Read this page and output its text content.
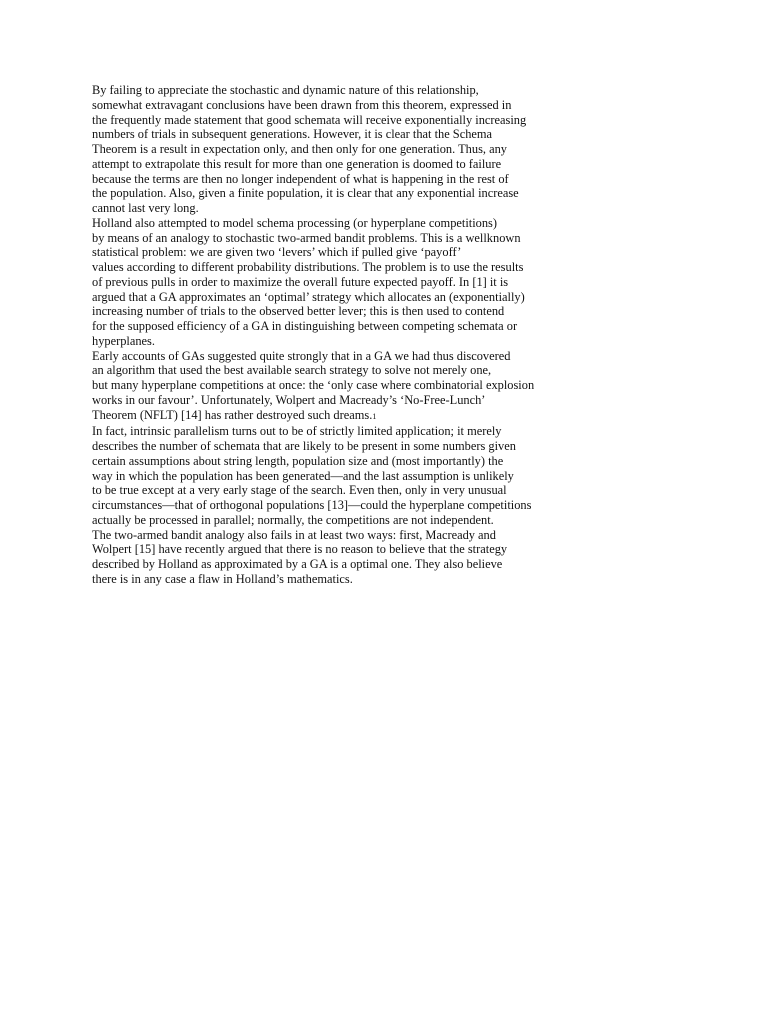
By failing to appreciate the stochastic and dynamic nature of this relationship,
somewhat extravagant conclusions have been drawn from this theorem, expressed in
the frequently made statement that good schemata will receive exponentially increasing
numbers of trials in subsequent generations. However, it is clear that the Schema
Theorem is a result in expectation only, and then only for one generation. Thus, any
attempt to extrapolate this result for more than one generation is doomed to failure
because the terms are then no longer independent of what is happening in the rest of
the population. Also, given a finite population, it is clear that any exponential increase
cannot last very long.
Holland also attempted to model schema processing (or hyperplane competitions)
by means of an analogy to stochastic two-armed bandit problems. This is a wellknown
statistical problem: we are given two ‘levers’ which if pulled give ‘payoff’
values according to different probability distributions. The problem is to use the results
of previous pulls in order to maximize the overall future expected payoff. In [1] it is
argued that a GA approximates an ‘optimal’ strategy which allocates an (exponentially)
increasing number of trials to the observed better lever; this is then used to contend
for the supposed efficiency of a GA in distinguishing between competing schemata or
hyperplanes.
Early accounts of GAs suggested quite strongly that in a GA we had thus discovered
an algorithm that used the best available search strategy to solve not merely one,
but many hyperplane competitions at once: the ‘only case where combinatorial explosion
works in our favour’. Unfortunately, Wolpert and Macready’s ‘No-Free-Lunch’
Theorem (NFLT) [14] has rather destroyed such dreams.1
In fact, intrinsic parallelism turns out to be of strictly limited application; it merely
describes the number of schemata that are likely to be present in some numbers given
certain assumptions about string length, population size and (most importantly) the
way in which the population has been generated—and the last assumption is unlikely
to be true except at a very early stage of the search. Even then, only in very unusual
circumstances—that of orthogonal populations [13]—could the hyperplane competitions
actually be processed in parallel; normally, the competitions are not independent.
The two-armed bandit analogy also fails in at least two ways: first, Macready and
Wolpert [15] have recently argued that there is no reason to believe that the strategy
described by Holland as approximated by a GA is a optimal one. They also believe
there is in any case a flaw in Holland’s mathematics.
